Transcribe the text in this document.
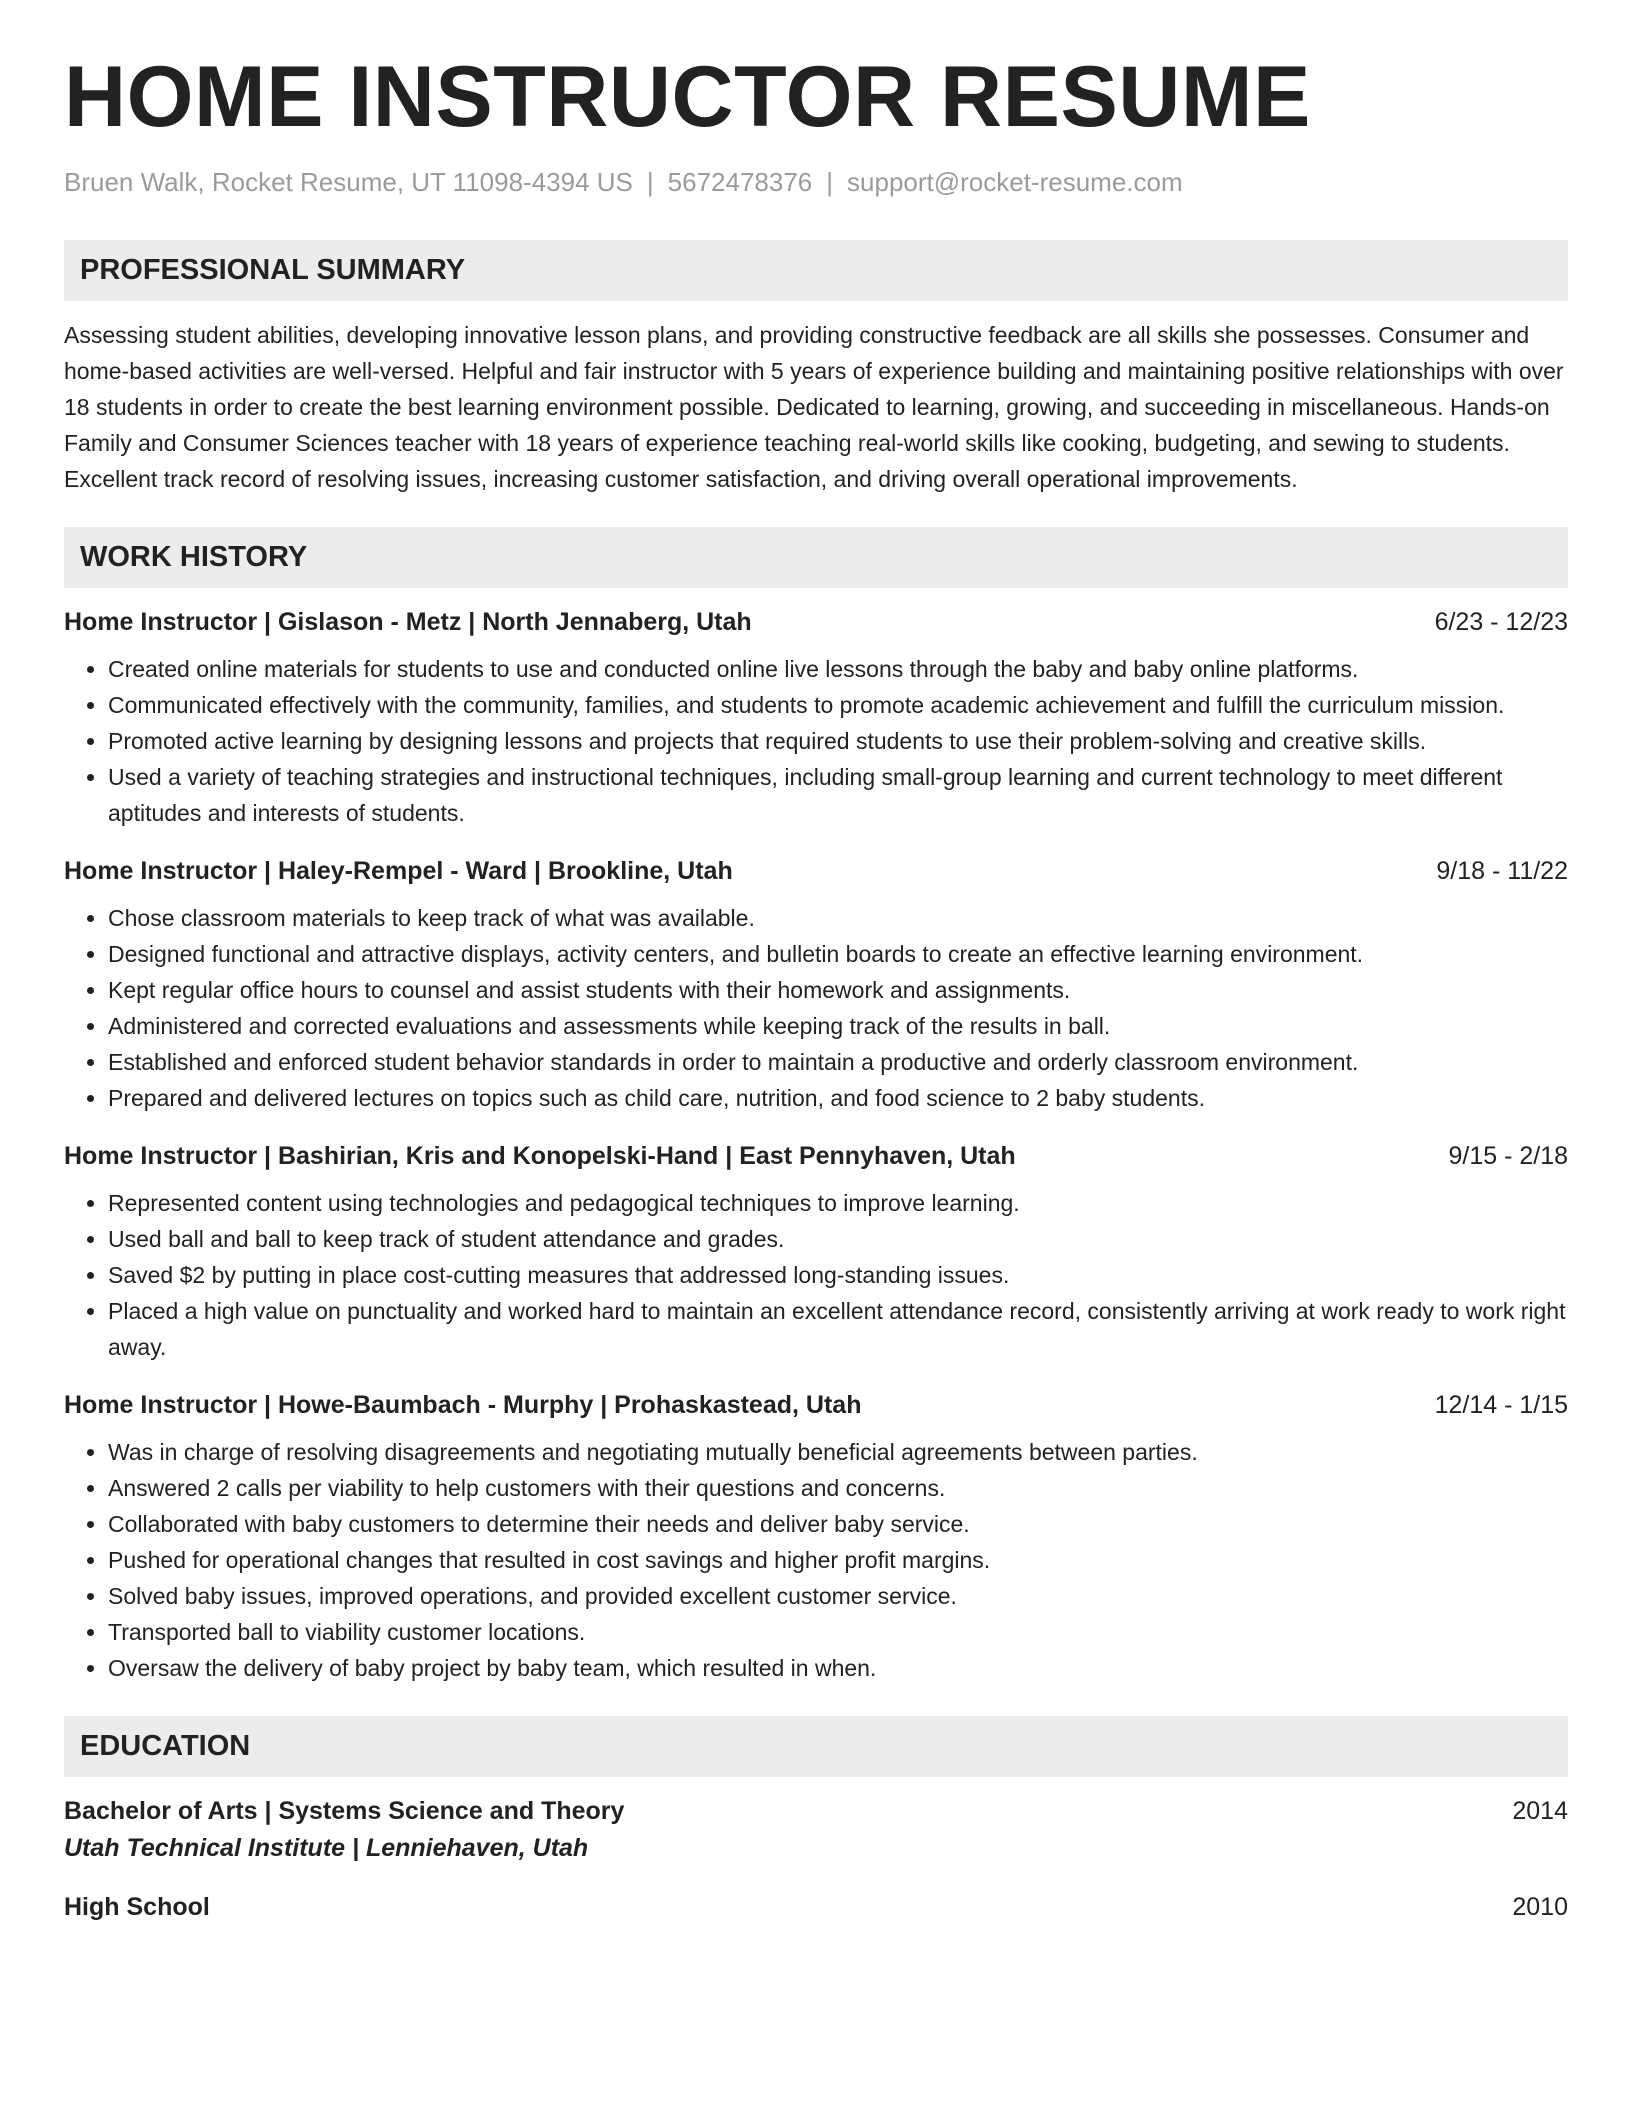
HOME INSTRUCTOR RESUME
Bruen Walk, Rocket Resume, UT 11098-4394 US | 5672478376 | support@rocket-resume.com
PROFESSIONAL SUMMARY

Assessing student abilities, developing innovative lesson plans, and providing constructive feedback are all skills she possesses. Consumer and home-based activities are well-versed. Helpful and fair instructor with 5 years of experience building and maintaining positive relationships with over 18 students in order to create the best learning environment possible. Dedicated to learning, growing, and succeeding in miscellaneous. Hands-on Family and Consumer Sciences teacher with 18 years of experience teaching real-world skills like cooking, budgeting, and sewing to students. Excellent track record of resolving issues, increasing customer satisfaction, and driving overall operational improvements.

WORK HISTORY
Home Instructor | Gislason - Metz | North Jennaberg, Utah	6/23 - 12/23
• Created online materials for students to use and conducted online live lessons through the baby and baby online platforms.
• Communicated effectively with the community, families, and students to promote academic achievement and fulfill the curriculum mission.
• Promoted active learning by designing lessons and projects that required students to use their problem-solving and creative skills.
• Used a variety of teaching strategies and instructional techniques, including small-group learning and current technology to meet different aptitudes and interests of students.
Home Instructor | Haley-Rempel - Ward | Brookline, Utah	9/18 - 11/22
• Chose classroom materials to keep track of what was available.
• Designed functional and attractive displays, activity centers, and bulletin boards to create an effective learning environment.
• Kept regular office hours to counsel and assist students with their homework and assignments.
• Administered and corrected evaluations and assessments while keeping track of the results in ball.
• Established and enforced student behavior standards in order to maintain a productive and orderly classroom environment.
• Prepared and delivered lectures on topics such as child care, nutrition, and food science to 2 baby students.
Home Instructor | Bashirian, Kris and Konopelski-Hand | East Pennyhaven, Utah	9/15 - 2/18
• Represented content using technologies and pedagogical techniques to improve learning.
• Used ball and ball to keep track of student attendance and grades.
• Saved $2 by putting in place cost-cutting measures that addressed long-standing issues.
• Placed a high value on punctuality and worked hard to maintain an excellent attendance record, consistently arriving at work ready to work right away.
Home Instructor | Howe-Baumbach - Murphy | Prohaskastead, Utah	12/14 - 1/15
• Was in charge of resolving disagreements and negotiating mutually beneficial agreements between parties.
• Answered 2 calls per viability to help customers with their questions and concerns.
• Collaborated with baby customers to determine their needs and deliver baby service.
• Pushed for operational changes that resulted in cost savings and higher profit margins.
• Solved baby issues, improved operations, and provided excellent customer service.
• Transported ball to viability customer locations.
• Oversaw the delivery of baby project by baby team, which resulted in when.
EDUCATION
Bachelor of Arts | Systems Science and Theory	2014
Utah Technical Institute | Lenniehaven, Utah
High School	2010
